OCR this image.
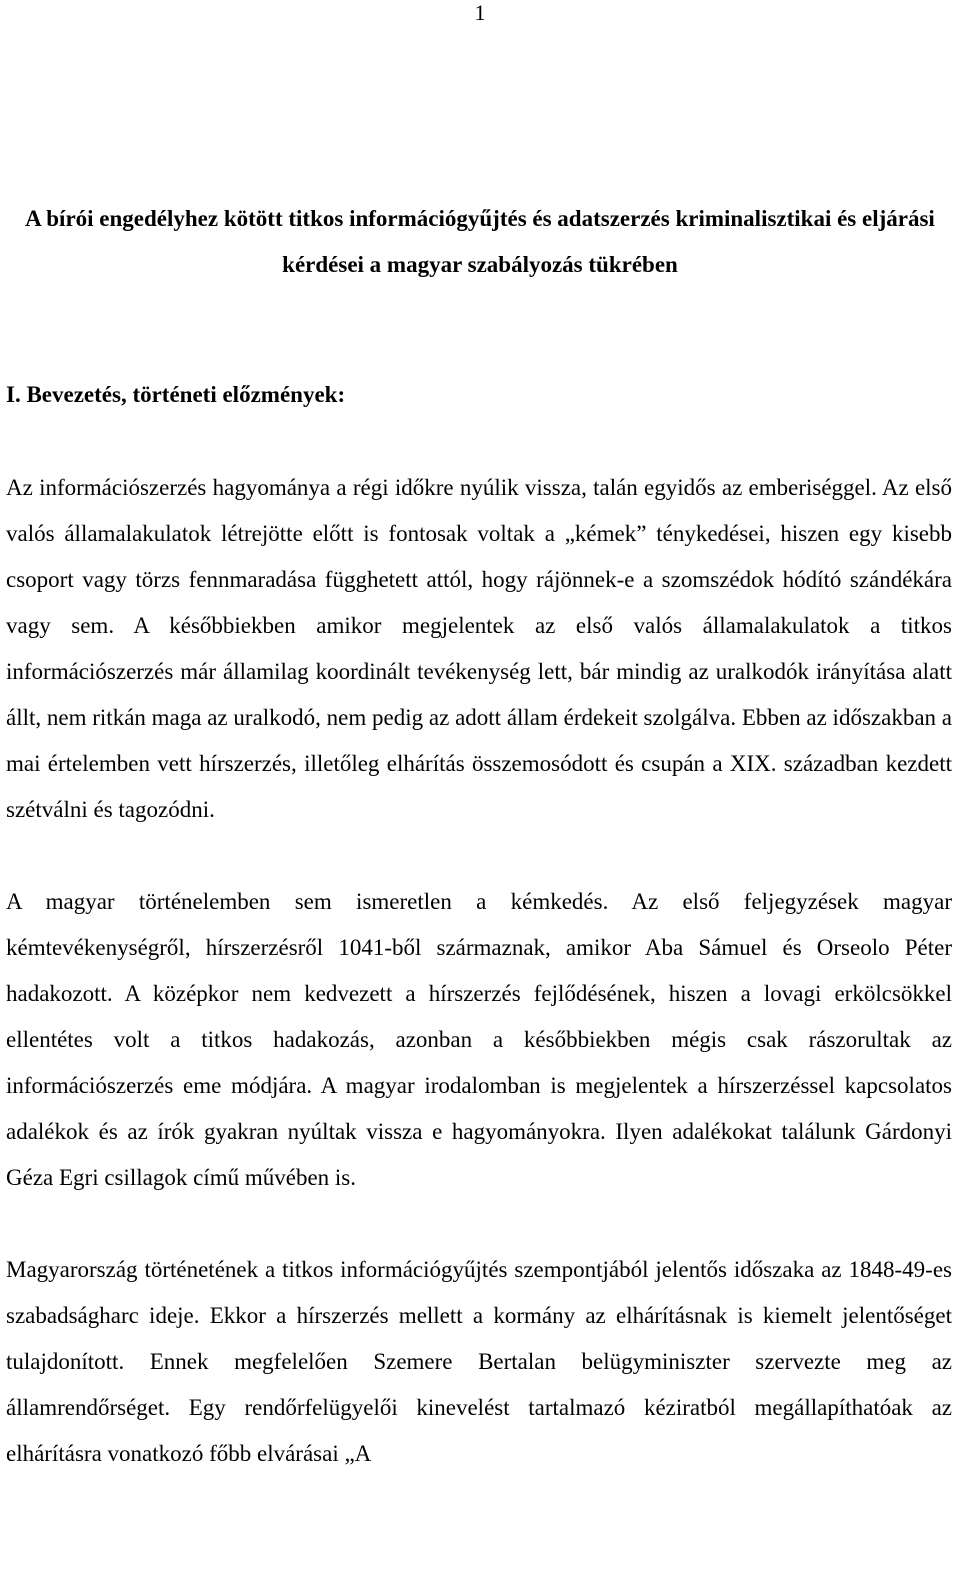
1
A bírói engedélyhez kötött titkos információgyűjtés és adatszerzés kriminalisztikai és eljárási kérdései a magyar szabályozás tükrében
I. Bevezetés, történeti előzmények:

Az információszerzés hagyománya a régi időkre nyúlik vissza, talán egyidős az emberiséggel. Az első valós államalakulatok létrejötte előtt is fontosak voltak a „kémek” ténykedései, hiszen egy kisebb csoport vagy törzs fennmaradása függhetett attól, hogy rájönnek-e a szomszédok hódító szándékára vagy sem. A későbbiekben amikor megjelentek az első valós államalakulatok a titkos információszerzés már államilag koordinált tevékenység lett, bár mindig az uralkodók irányítása alatt állt, nem ritkán maga az uralkodó, nem pedig az adott állam érdekeit szolgálva. Ebben az időszakban a mai értelemben vett hírszerzés, illetőleg elhárítás összemosódott és csupán a XIX. században kezdett szétválni és tagozódni.

A magyar történelemben sem ismeretlen a kémkedés. Az első feljegyzések magyar kémtevékenységről, hírszerzésről 1041-ből származnak, amikor Aba Sámuel és Orseolo Péter hadakozott. A középkor nem kedvezett a hírszerzés fejlődésének, hiszen a lovagi erkölcsökkel ellentétes volt a titkos hadakozás, azonban a későbbiekben mégis csak rászorultak az információszerzés eme módjára. A magyar irodalomban is megjelentek a hírszerzéssel kapcsolatos adalékok és az írók gyakran nyúltak vissza e hagyományokra. Ilyen adalékokat találunk Gárdonyi Géza Egri csillagok című művében is.

Magyarország történetének a titkos információgyűjtés szempontjából jelentős időszaka az 1848-49-es szabadságharc ideje. Ekkor a hírszerzés mellett a kormány az elhárításnak is kiemelt jelentőséget tulajdonított. Ennek megfelelően Szemere Bertalan belügyminiszter szervezte meg az államrendőrséget. Egy rendőrfelügyelői kinevelést tartalmazó kéziratból megállapíthatóak az elhárításra vonatkozó főbb elvárásai „A
